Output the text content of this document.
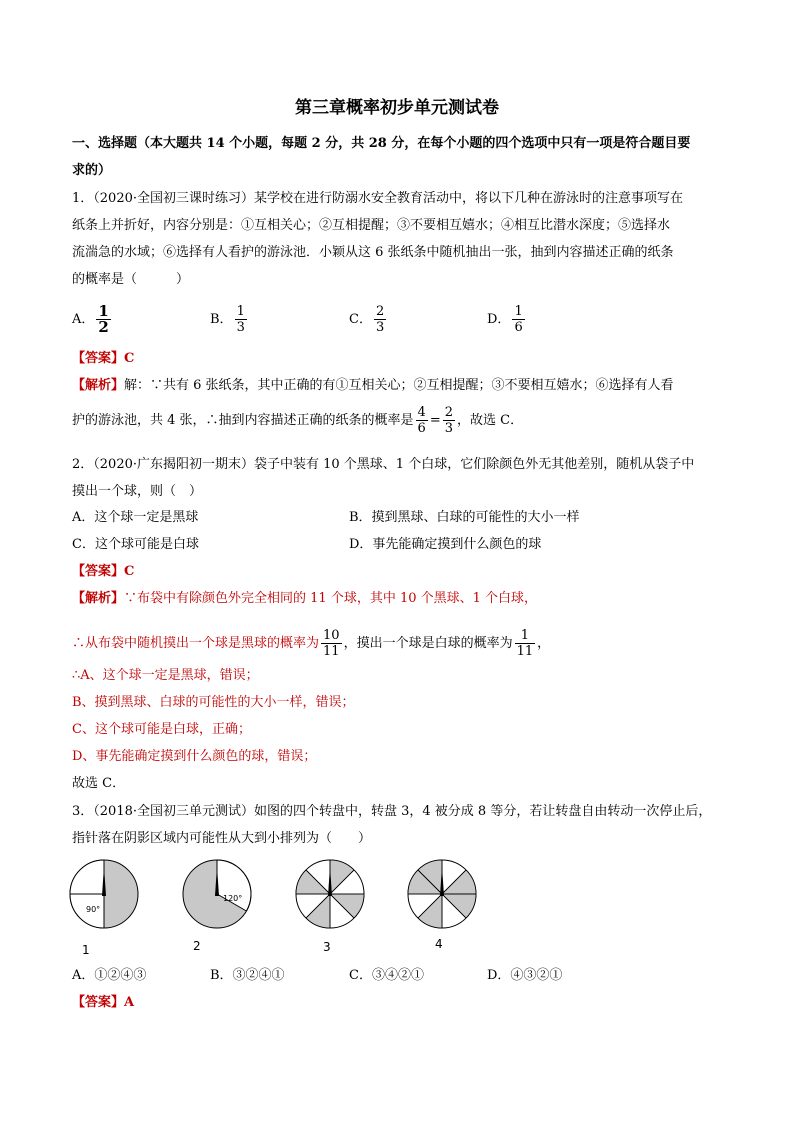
第三章概率初步单元测试卷
一、选择题（本大题共 14 个小题，每题 2 分，共 28 分，在每个小题的四个选项中只有一项是符合题目要
求的）
1．（2020·全国初三课时练习）某学校在进行防溺水安全教育活动中，将以下几种在游泳时的注意事项写在
纸条上并折好，内容分别是：①互相关心；②互相提醒；③不要相互嬉水；④相互比潜水深度；⑤选择水
流湍急的水域；⑥选择有人看护的游泳池．小颖从这 6 张纸条中随机抽出一张，抽到内容描述正确的纸条
的概率是（　　　）
A． $\frac{1}{2}$	B． $\frac{1}{3}$	C． $\frac{2}{3}$	D． $\frac{1}{6}$
【答案】C
【解析】解：∵共有 6 张纸条，其中正确的有①互相关心；②互相提醒；③不要相互嬉水；⑥选择有人看
护的游泳池，共 4 张，∴抽到内容描述正确的纸条的概率是 $\frac{4}{6} = \frac{2}{3}$ ，故选 C．
2．（2020·广东揭阳初一期末）袋子中装有 10 个黑球、1 个白球，它们除颜色外无其他差别，随机从袋子中
摸出一个球，则（　）
A．这个球一定是黑球	B．摸到黑球、白球的可能性的大小一样
C．这个球可能是白球	D．事先能确定摸到什么颜色的球
【答案】C
【解析】∵布袋中有除颜色外完全相同的 11 个球，其中 10 个黑球、1 个白球，
∴从布袋中随机摸出一个球是黑球的概率为 $\frac{10}{11}$ ，摸出一个球是白球的概率为 $\frac{1}{11}$ ，
∴A、这个球一定是黑球，错误；
B、摸到黑球、白球的可能性的大小一样，错误；
C、这个球可能是白球，正确；
D、事先能确定摸到什么颜色的球，错误；
故选 C．
3．（2018·全国初三单元测试）如图的四个转盘中，转盘 3，4 被分成 8 等分，若让转盘自由转动一次停止后，
指针落在阴影区域内可能性从大到小排列为（　　）
90°
120°
1	2	3	4
A．①②④③	B．③②④①	C．③④②①	D．④③②①
【答案】A
